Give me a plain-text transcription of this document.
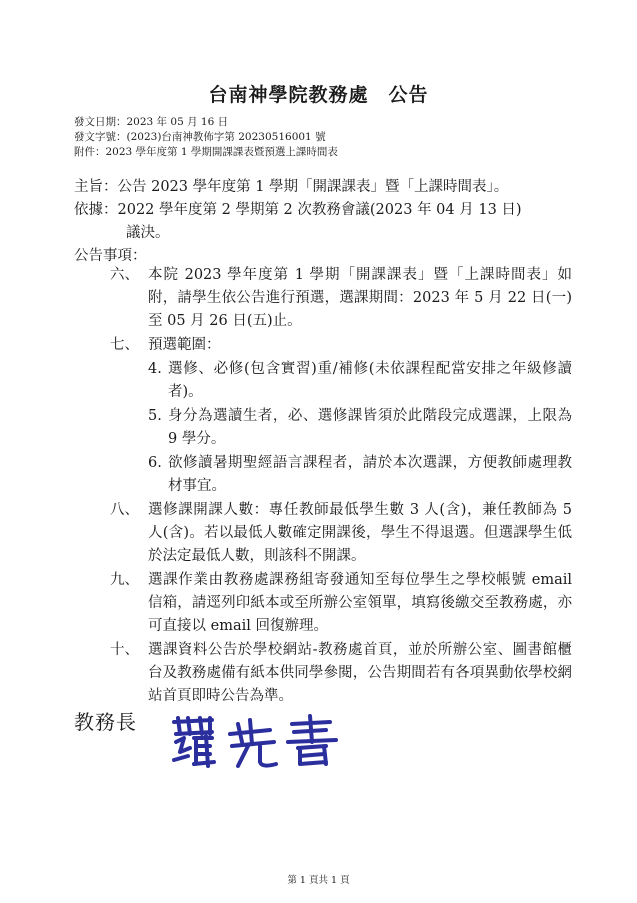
台南神學院教務處　公告
發文日期：2023 年 05 月 16 日
發文字號：(2023)台南神教佈字第 20230516001 號
附件：2023 學年度第 1 學期開課課表暨預選上課時間表
主旨：公告 2023 學年度第 1 學期「開課課表」暨「上課時間表」。
依據：2022 學年度第 2 學期第 2 次教務會議(2023 年 04 月 13 日)
議決。
公告事項：
六、 本院 2023 學年度第 1 學期「開課課表」暨「上課時間表」如附，請學生依公告進行預選，選課期間：2023 年 5 月 22 日(一)至 05 月 26 日(五)止。
七、 預選範圍：
4. 選修、必修(包含實習)重/補修(未依課程配當安排之年級修讀者)。
5. 身分為選讀生者，必、選修課皆須於此階段完成選課，上限為 9 學分。
6. 欲修讀暑期聖經語言課程者，請於本次選課，方便教師處理教材事宜。
八、 選修課開課人數：專任教師最低學生數 3 人(含)，兼任教師為 5 人(含)。若以最低人數確定開課後，學生不得退選。但選課學生低於法定最低人數，則該科不開課。
九、 選課作業由教務處課務組寄發通知至每位學生之學校帳號 email 信箱，請逕列印紙本或至所辦公室領單，填寫後繳交至教務處，亦可直接以 email 回復辦理。
十、 選課資料公告於學校網站-教務處首頁，並於所辦公室、圖書館櫃台及教務處備有紙本供同學參閱，公告期間若有各項異動依學校網站首頁即時公告為準。
教務長
第 1 頁共 1 頁
